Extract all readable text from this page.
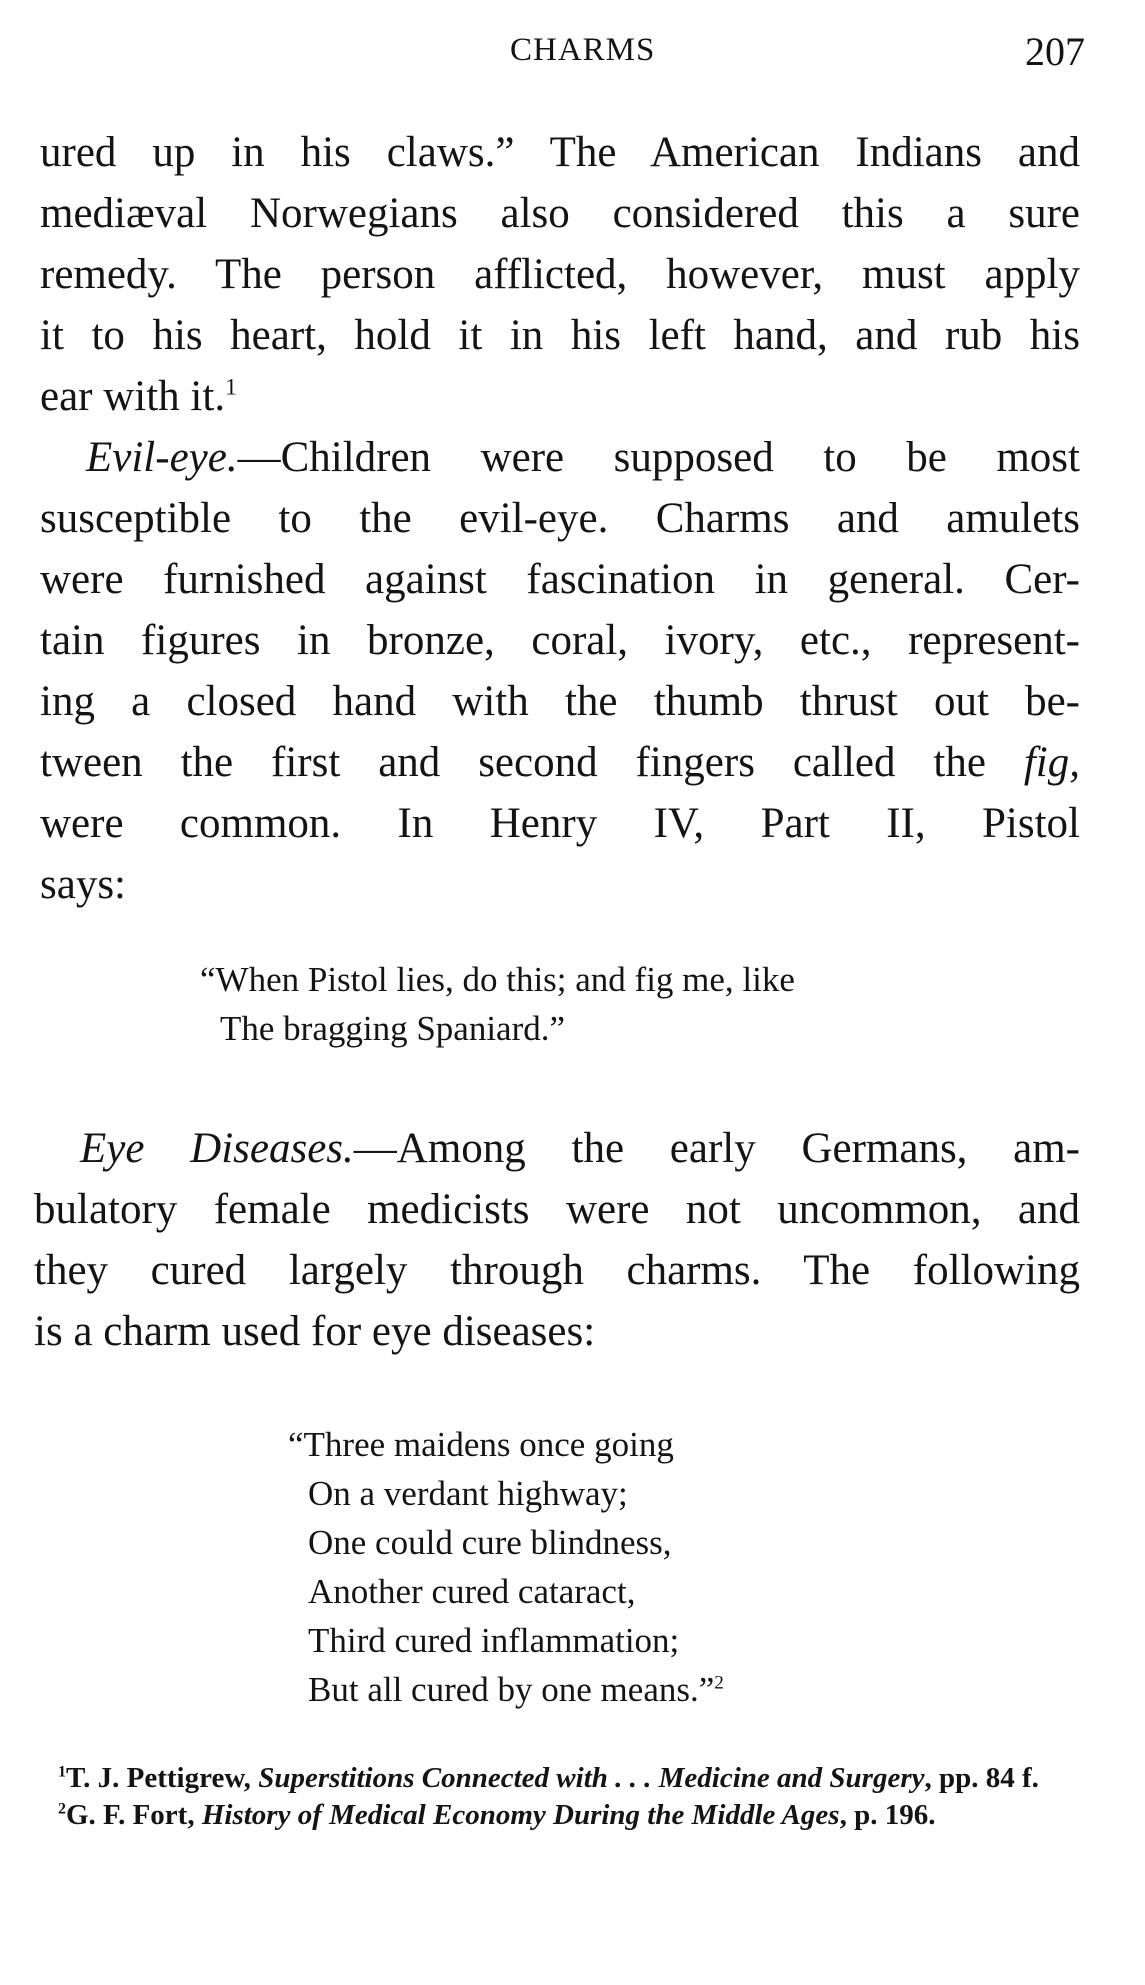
CHARMS	207
ured up in his claws.” The American Indians and
mediæval Norwegians also considered this a sure
remedy. The person afflicted, however, must apply
it to his heart, hold it in his left hand, and rub his
ear with it.$^1$
Evil-eye.—Children were supposed to be most
susceptible to the evil-eye. Charms and amulets
were furnished against fascination in general. Cer-
tain figures in bronze, coral, ivory, etc., represent-
ing a closed hand with the thumb thrust out be-
tween the first and second fingers called the fig,
were common. In Henry IV, Part II, Pistol
says:
“When Pistol lies, do this; and fig me, like
The bragging Spaniard.”
Eye Diseases.—Among the early Germans, am-
bulatory female medicists were not uncommon, and
they cured largely through charms. The following
is a charm used for eye diseases:
“Three maidens once going
On a verdant highway;
One could cure blindness,
Another cured cataract,
Third cured inflammation;
But all cured by one means.”$^2$
$^1$T. J. Pettigrew, Superstitions Connected with . . . Medicine and Surgery, pp. 84 f.
$^2$G. F. Fort, History of Medical Economy During the Middle Ages, p. 196.
